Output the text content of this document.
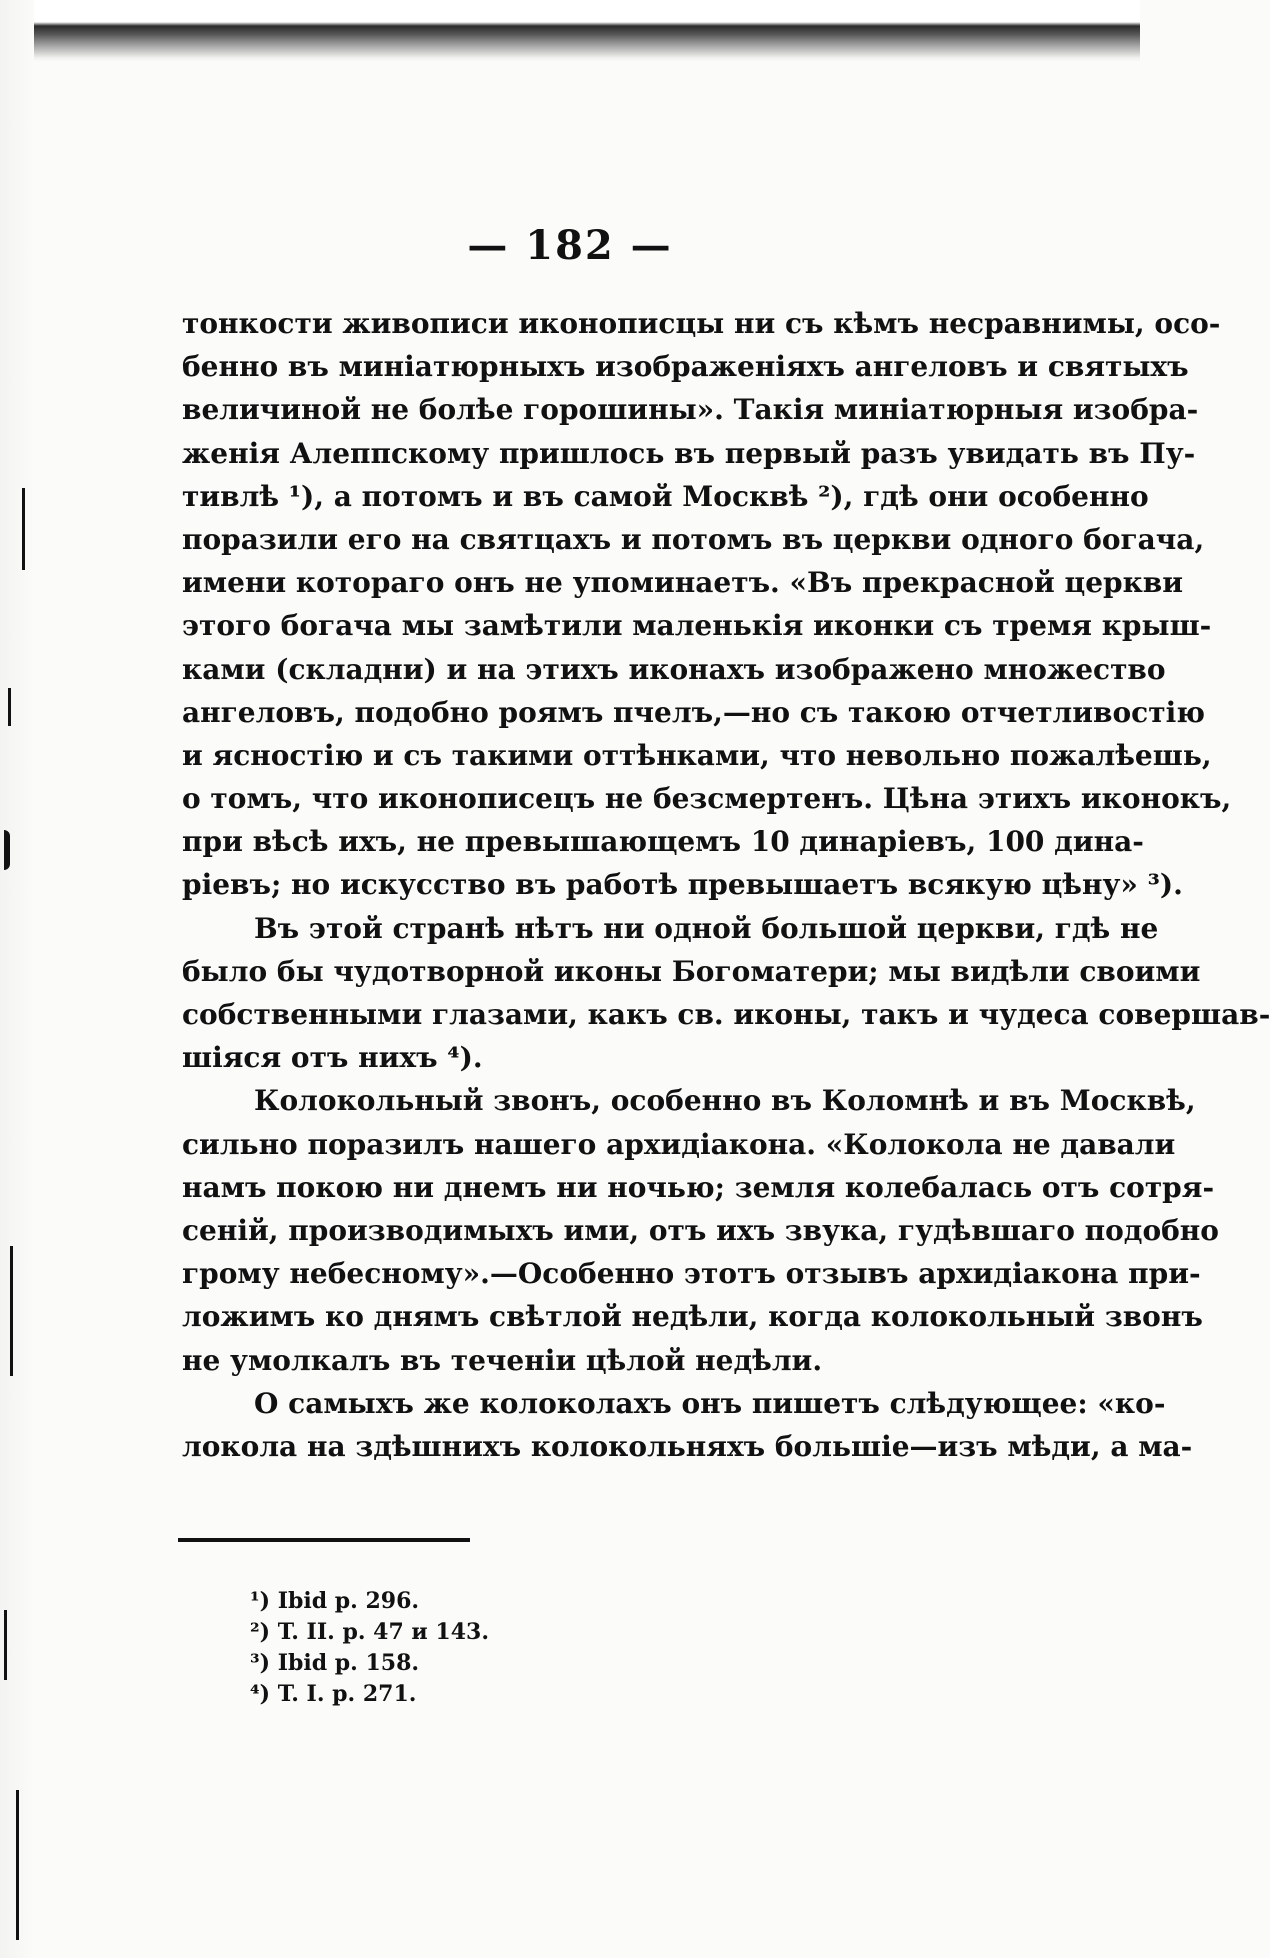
— 182 —
тонкости живописи иконописцы ни съ кѣмъ несравнимы, осо-
бенно въ миніатюрныхъ изображеніяхъ ангеловъ и святыхъ
величиной не болѣе горошины». Такія миніатюрныя изобра-
женія Алеппскому пришлось въ первый разъ увидать въ Пу-
тивлѣ ¹), а потомъ и въ самой Москвѣ ²), гдѣ они особенно
поразили его на святцахъ и потомъ въ церкви одного богача,
имени котораго онъ не упоминаетъ. «Въ прекрасной церкви
этого богача мы замѣтили маленькія иконки съ тремя крыш-
ками (складни) и на этихъ иконахъ изображено множество
ангеловъ, подобно роямъ пчелъ,—но съ такою отчетливостію
и ясностію и съ такими оттѣнками, что невольно пожалѣешь,
о томъ, что иконописецъ не безсмертенъ. Цѣна этихъ иконокъ,
при вѣсѣ ихъ, не превышающемъ 10 динаріевъ, 100 дина-
ріевъ; но искусство въ работѣ превышаетъ всякую цѣну» ³).
Въ этой странѣ нѣтъ ни одной большой церкви, гдѣ не
было бы чудотворной иконы Богоматери; мы видѣли своими
собственными глазами, какъ св. иконы, такъ и чудеса совершав-
шіяся отъ нихъ ⁴).
Колокольный звонъ, особенно въ Коломнѣ и въ Москвѣ,
сильно поразилъ нашего архидіакона. «Колокола не давали
намъ покою ни днемъ ни ночью; земля колебалась отъ сотря-
сеній, производимыхъ ими, отъ ихъ звука, гудѣвшаго подобно
грому небесному».—Особенно этотъ отзывъ архидіакона при-
ложимъ ко днямъ свѣтлой недѣли, когда колокольный звонъ
не умолкалъ въ теченіи цѣлой недѣли.
О самыхъ же колоколахъ онъ пишетъ слѣдующее: «ко-
локола на здѣшнихъ колокольняхъ большіе—изъ мѣди, а ма-
¹) Ibid p. 296.
²) T. II. p. 47 и 143.
³) Ibid p. 158.
⁴) T. I. p. 271.
